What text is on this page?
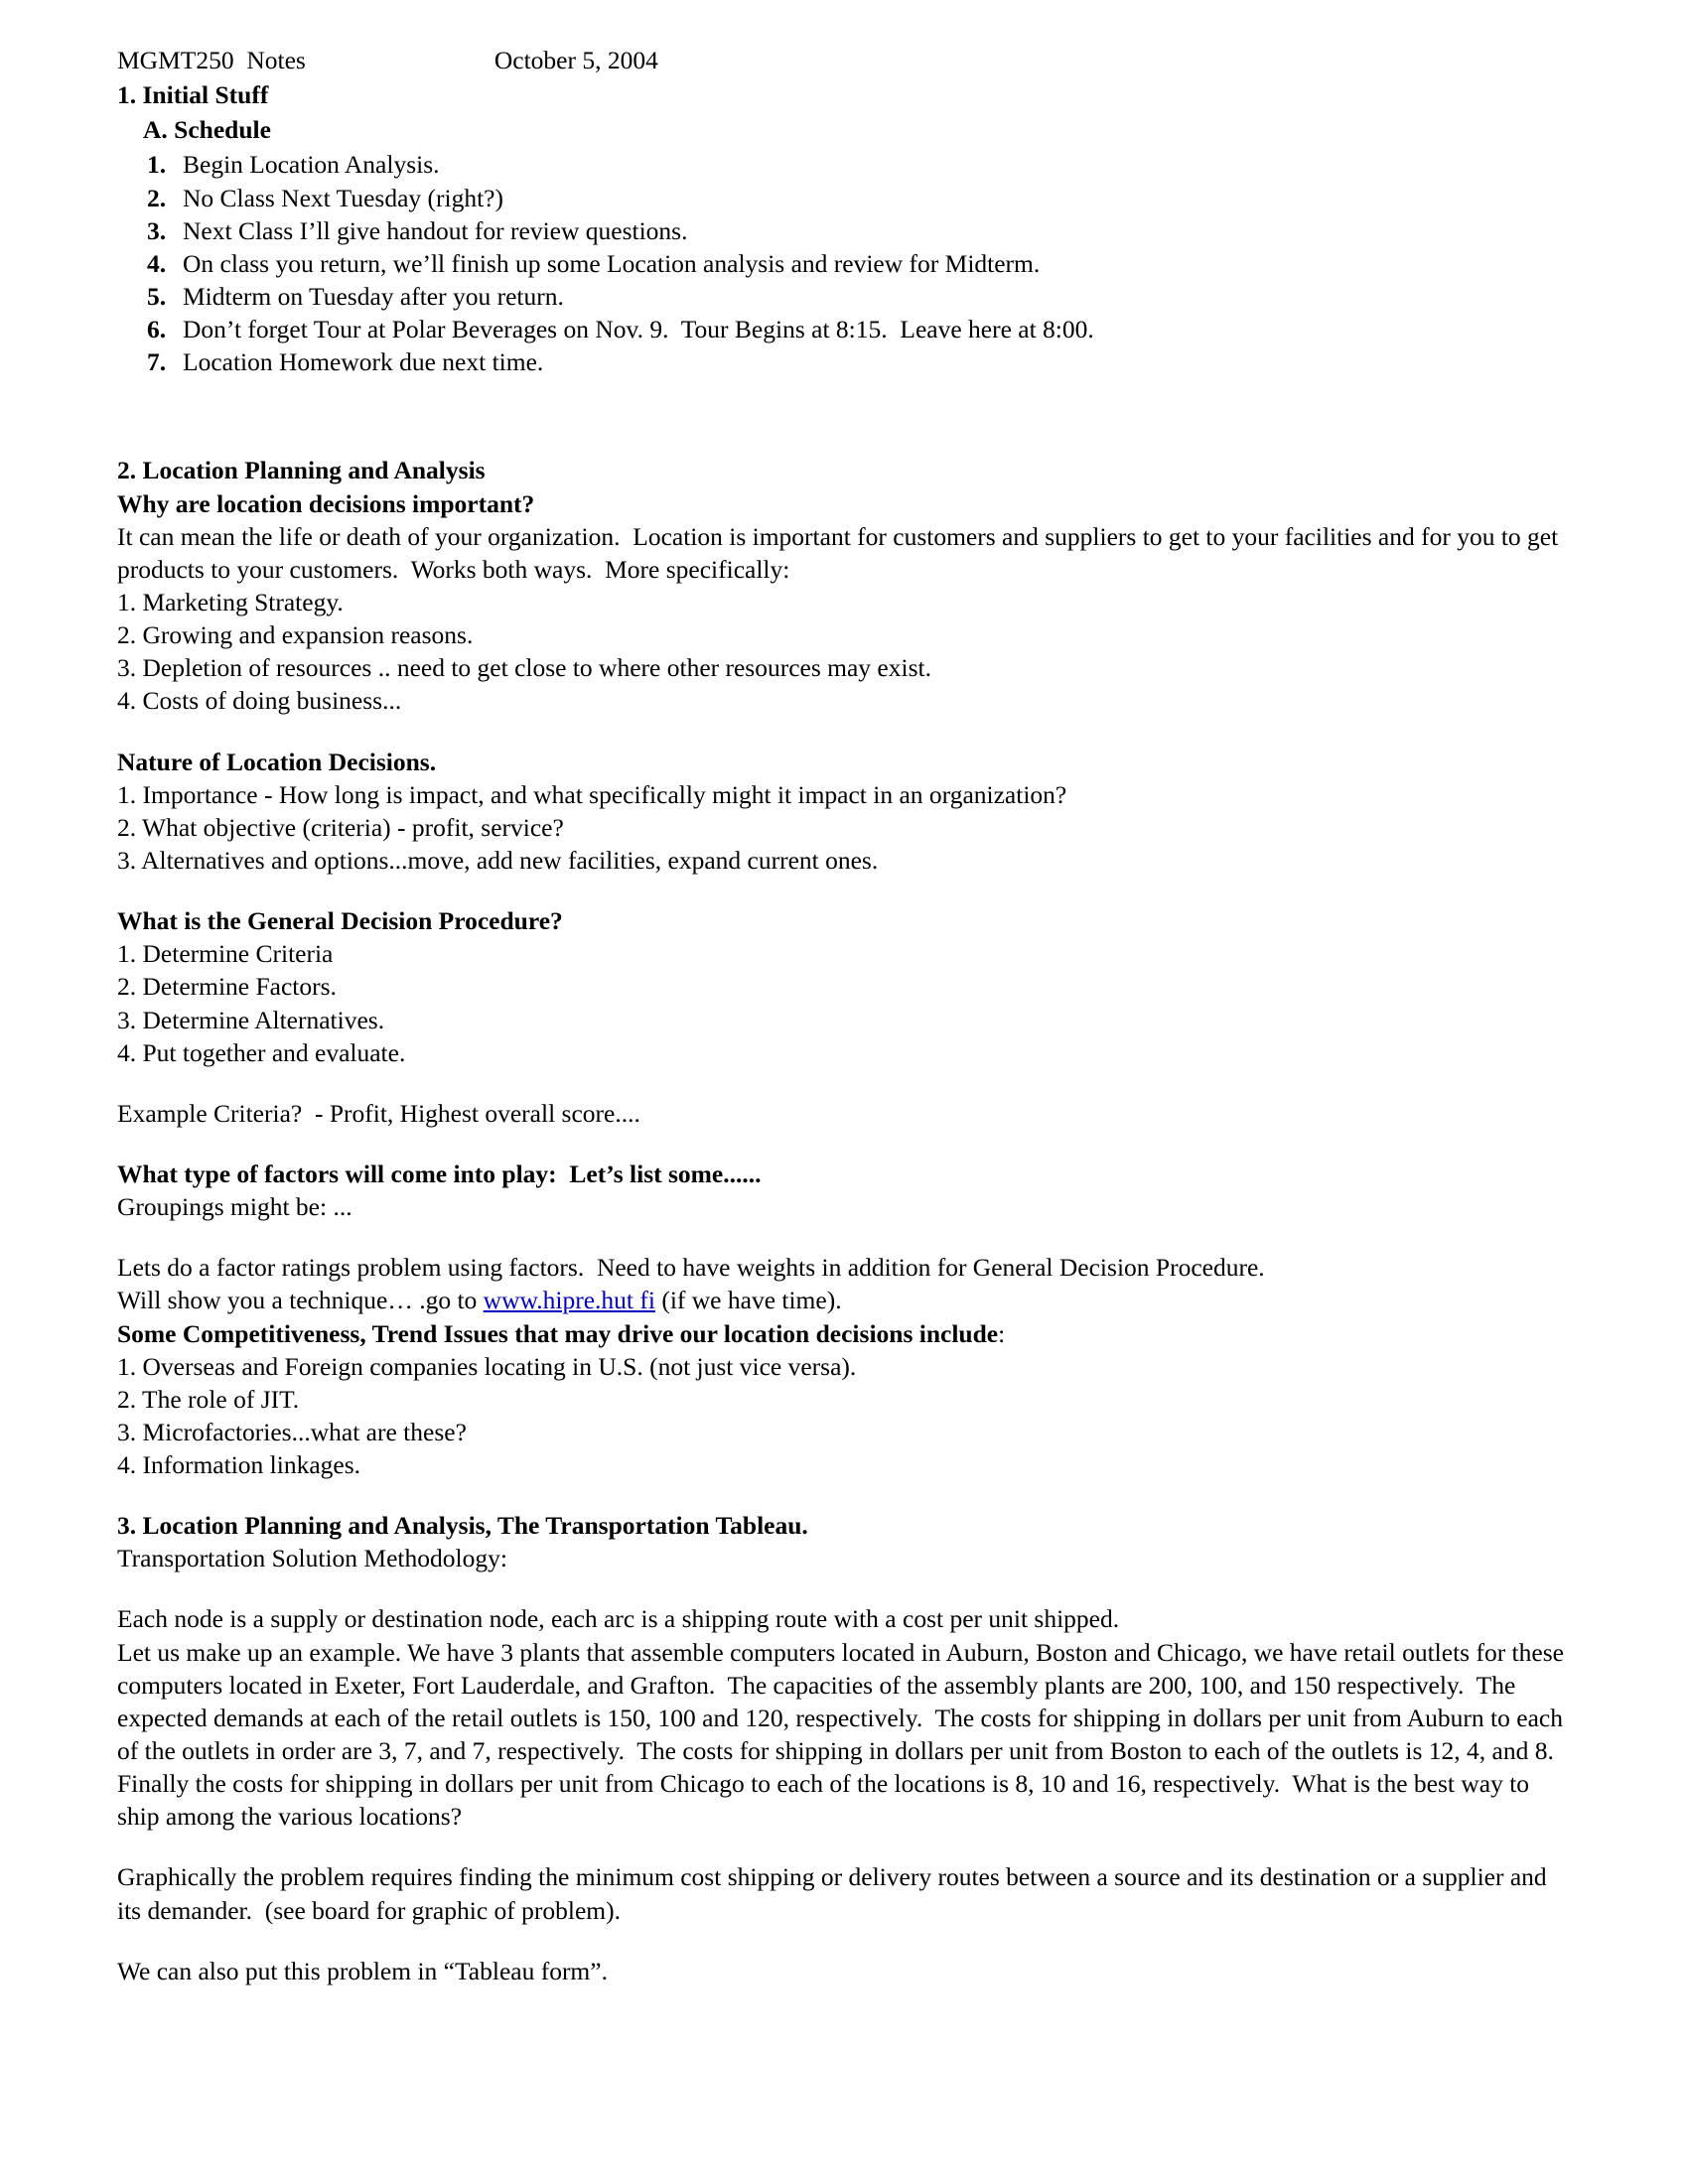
MGMT250  Notes	October 5, 2004
1. Initial Stuff
A. Schedule
1. Begin Location Analysis.
2. No Class Next Tuesday (right?)
3. Next Class I’ll give handout for review questions.
4. On class you return, we’ll finish up some Location analysis and review for Midterm.
5. Midterm on Tuesday after you return.
6. Don’t forget Tour at Polar Beverages on Nov. 9.  Tour Begins at 8:15.  Leave here at 8:00.
7. Location Homework due next time.
2. Location Planning and Analysis
Why are location decisions important?
It can mean the life or death of your organization.  Location is important for customers and suppliers to get to your facilities and for you to get products to your customers.  Works both ways.  More specifically:
1. Marketing Strategy.
2. Growing and expansion reasons.
3. Depletion of resources .. need to get close to where other resources may exist.
4. Costs of doing business...
Nature of Location Decisions.
1. Importance - How long is impact, and what specifically might it impact in an organization?
2. What objective (criteria) - profit, service?
3. Alternatives and options...move, add new facilities, expand current ones.
What is the General Decision Procedure?
1. Determine Criteria
2. Determine Factors.
3. Determine Alternatives.
4. Put together and evaluate.
Example Criteria?  - Profit, Highest overall score....
What type of factors will come into play:  Let’s list some......
Groupings might be: ...
Lets do a factor ratings problem using factors.  Need to have weights in addition for General Decision Procedure.
Will show you a technique… .go to www.hipre.hut fi (if we have time).
Some Competitiveness, Trend Issues that may drive our location decisions include:
1. Overseas and Foreign companies locating in U.S. (not just vice versa).
2. The role of JIT.
3. Microfactories...what are these?
4. Information linkages.
3. Location Planning and Analysis, The Transportation Tableau.
Transportation Solution Methodology:
Each node is a supply or destination node, each arc is a shipping route with a cost per unit shipped.
Let us make up an example. We have 3 plants that assemble computers located in Auburn, Boston and Chicago, we have retail outlets for these computers located in Exeter, Fort Lauderdale, and Grafton.  The capacities of the assembly plants are 200, 100, and 150 respectively.  The expected demands at each of the retail outlets is 150, 100 and 120, respectively.  The costs for shipping in dollars per unit from Auburn to each of the outlets in order are 3, 7, and 7, respectively.  The costs for shipping in dollars per unit from Boston to each of the outlets is 12, 4, and 8.  Finally the costs for shipping in dollars per unit from Chicago to each of the locations is 8, 10 and 16, respectively.  What is the best way to ship among the various locations?
Graphically the problem requires finding the minimum cost shipping or delivery routes between a source and its destination or a supplier and its demander.  (see board for graphic of problem).
We can also put this problem in “Tableau form”.
